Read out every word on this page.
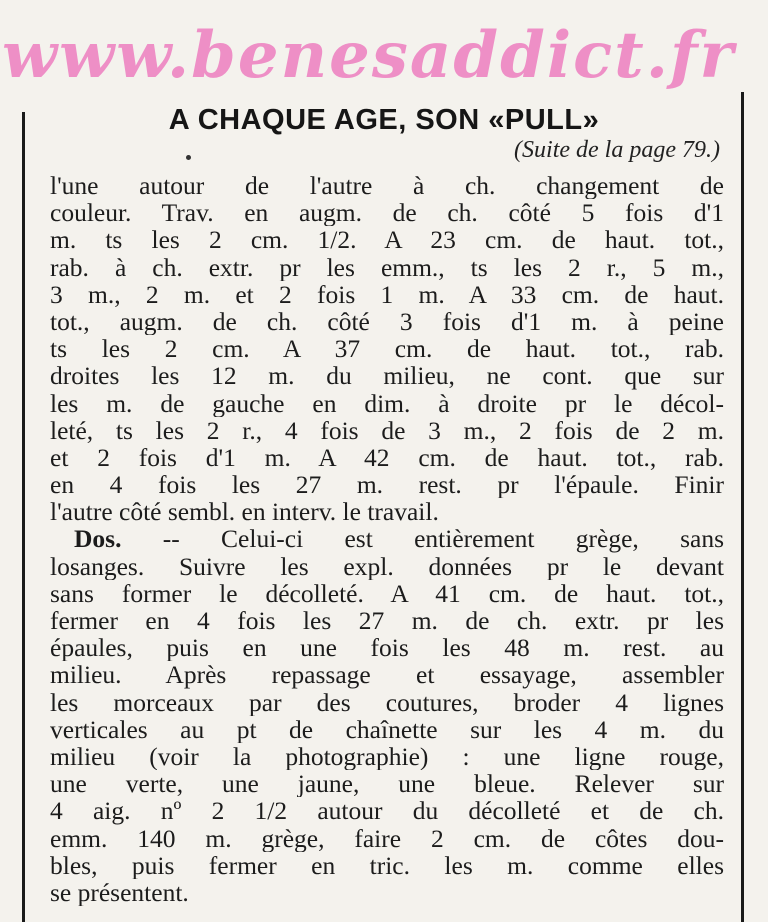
www.benesaddict.fr
A CHAQUE AGE, SON «PULL»
(Suite de la page 79.)
l'une autour de l'autre à ch. changement de
couleur. Trav. en augm. de ch. côté 5 fois d'1
m. ts les 2 cm. 1/2. A 23 cm. de haut. tot.,
rab. à ch. extr. pr les emm., ts les 2 r., 5 m.,
3 m., 2 m. et 2 fois 1 m. A 33 cm. de haut.
tot., augm. de ch. côté 3 fois d'1 m. à peine
ts les 2 cm. A 37 cm. de haut. tot., rab.
droites les 12 m. du milieu, ne cont. que sur
les m. de gauche en dim. à droite pr le décol-
leté, ts les 2 r., 4 fois de 3 m., 2 fois de 2 m.
et 2 fois d'1 m. A 42 cm. de haut. tot., rab.
en 4 fois les 27 m. rest. pr l'épaule. Finir
l'autre côté sembl. en interv. le travail.
Dos. -- Celui-ci est entièrement grège, sans
losanges. Suivre les expl. données pr le devant
sans former le décolleté. A 41 cm. de haut. tot.,
fermer en 4 fois les 27 m. de ch. extr. pr les
épaules, puis en une fois les 48 m. rest. au
milieu. Après repassage et essayage, assembler
les morceaux par des coutures, broder 4 lignes
verticales au pt de chaînette sur les 4 m. du
milieu (voir la photographie) : une ligne rouge,
une verte, une jaune, une bleue. Relever sur
4 aig. nº 2 1/2 autour du décolleté et de ch.
emm. 140 m. grège, faire 2 cm. de côtes dou-
bles, puis fermer en tric. les m. comme elles
se présentent.
